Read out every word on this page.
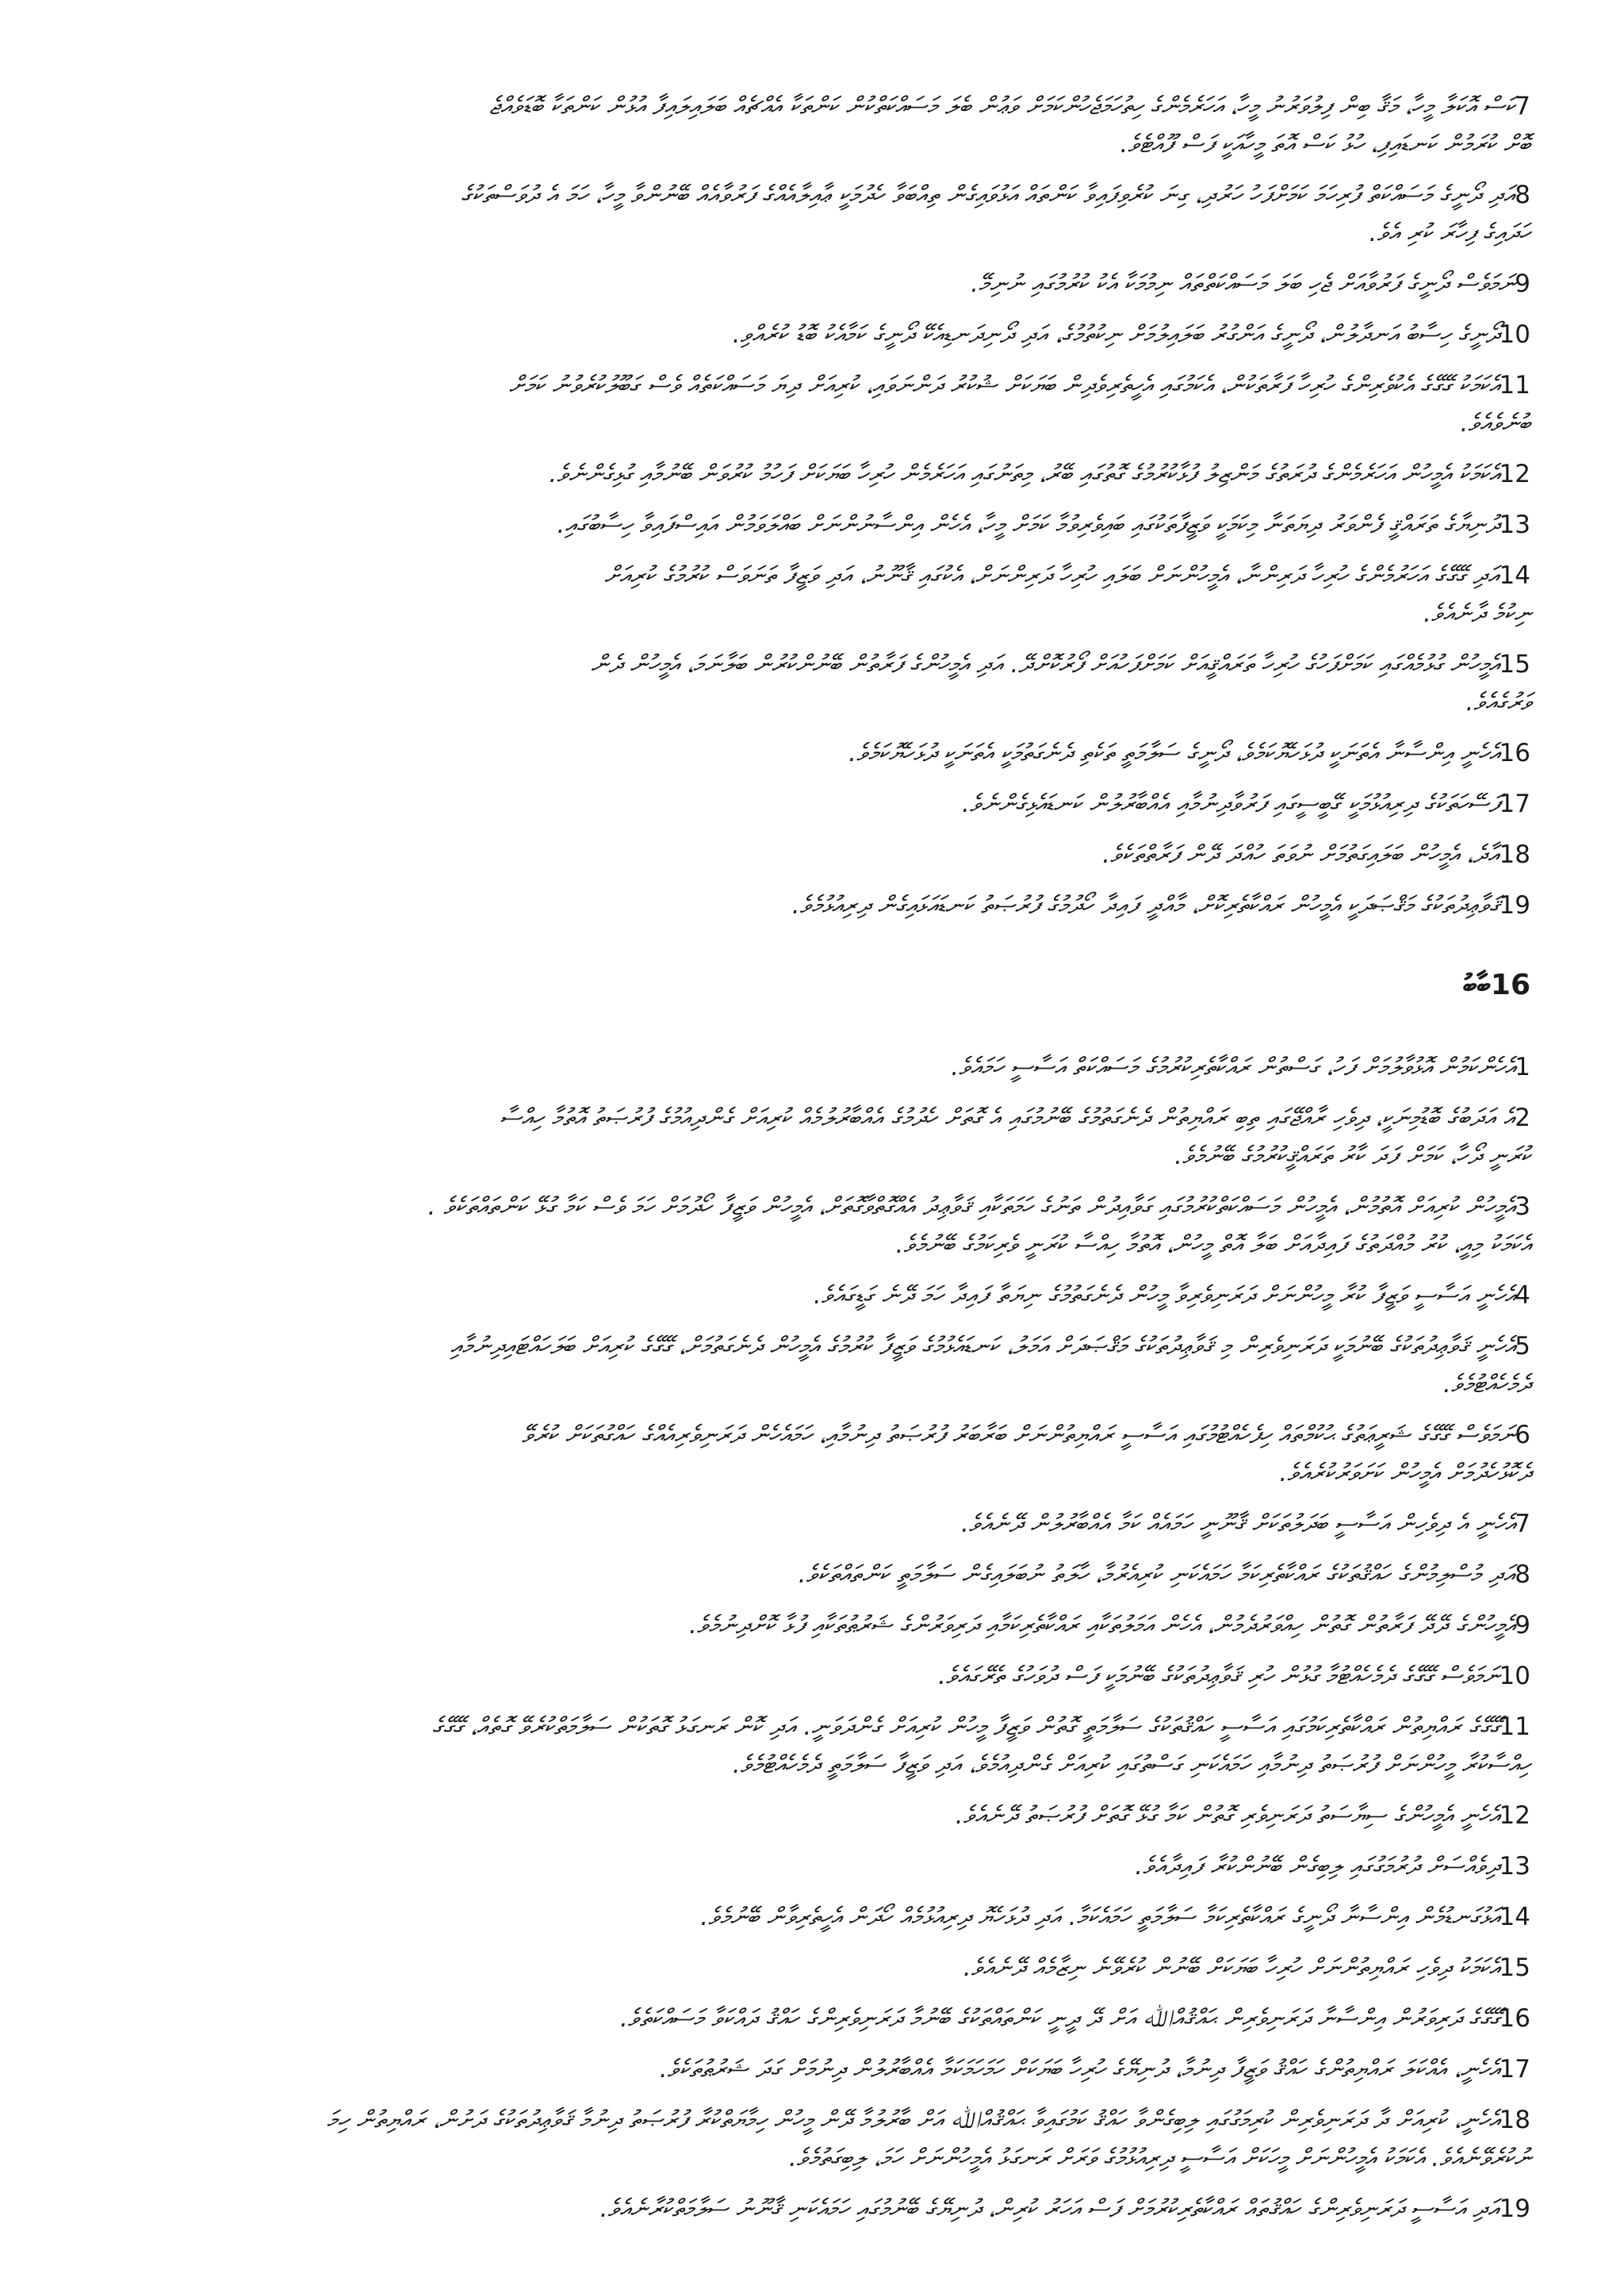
7ކަސް އޮކަލާ މީހާ، މަޤާ ބިން ފިލުވަރުނު މީހާ، އަހަރެމެންގެ ހިތުހަމަޖެހުންކަމަށް ވަޢުން ބެލަ މަސައްކަތްކުން ކަންތަކާ އެއްޗެއް ބަލައިލައިފާ އުޅުން ކަންތަކާ ބޮޑަވެއްޖެ
ބޮށް ކުރަމުން ކަނޑައިފި، ހުޅު ކަސް އޮތަ މީހާއަކީ ފަސް ފޫއްޓެވެ.
8އަދި ދޯނީގެ މަސައްކަތް ފުރިހަމަ ކަމަށްފަހު ހަރުދި، ގިނަ ކުރެވިފައިވާ ކަންތައް އަޅުވައިގެން ތިއްބަވާ ހެދުމަކީ ޢާއިލާއެއްގެ ފަރުވާއެއް ބޭނުންވާ މީހާ، ހަމަ އެ ދުވަސްތަކުގެ
ހަދައިގެ ފިހާރަ ކުރި އެވެ.
9ނަމަވެސް ދޯނީގެ ފަރުވާއަށް ޖެހި ބަލަ މަސައްކަތްތައް ނިމުމަކާ އެކު ކުރުމުގައި ނުނިމޭ.
10ދޯނީގެ ހިސާބު އަނދާލުން، ދޯނީގެ އަންގުރު ބަލައިލުމަށް ނިކުތުމުގެ، އަދި ދޯނިދަނޑިއެކޭ ދޯނީގެ ކަމާއެކު ބޮޑު ކުރެއްވި.
11އެކަމަކު ގޭގޭގެ އެކުވެރިންގެ ހުރިހާ ފަރާތަކުން، އެކަމުގައި އެހީތެރިވެދިން ބަޔަކަށް ޝުކުރު ދަންނަވައި، ކުރިއަށް ދިޔަ މަސައްކަތެއް ވެސް ގަބޫލުކުރެވުނު ކަމަށް
ބުނެވެއެވެ.
12އެކަމަކު އެމީހުން އަހަރެމެންގެ ދުރަތުގެ މަންޒިލު ފުޅާކުރުމުގެ ގޮތުގައި ބޭރު، މިތަނުގައި އަހަރެމެން ހުރިހާ ބަޔަކަށް ފަހުމު ކުރުވަން ބޭނުމާއި ގުޅިގެންނެވެ.
13ދުނިޔާގެ ތަރައްޤީ ފެންވަރު ދިޔަތަނާ މިކަމަކީ ވަޒީފާތަކުގައި ބައިވެރިވުމާ ކަމަށް މީހާ، އެހެން އިންސާނުންނަށް ބައްލަވަމުން އައިސްފައިވާ ހިސާބުގައި.
14އަދި ގޭގޭގެ އަހަރުމެންގެ ހުރިހާ ދަރިންނާ، އެމީހުންނަށް ބަލައި ހުރިހާ ދަރިންނަށް، އެކުގައި ޤާނޫނު، އަދި ވަޒީފާ ތަނަވަސް ކުރުމުގެ ކުރިއަށް
ނިކުމެ ދާނެއެވެ.
15އެމީހުން ގުޅުމެއްގައި ކަމަށްފަހުގެ ހުރިހާ ތަރައްޤީއަށް ކަމަށްފަހުއަށް ފޯރުކޮށްދޭ. އަދި އެމީހުންގެ ފަރާތުން ބޭނުންކުރުން ބަލާނަމަ، އެމީހުން ދެން
ވަރުގެއެވެ.
16އެހެނީ އިންސާނާ އެތަނަކީ ދުޅަހެޔޮކަމެވެ، ދޯނީގެ ސަލާމަތީ ތަކެތި ދެނެގަތުމަކީ އެތަނަކީ ދުޅަހެޔޮކަމެވެ.
17ފަސޭހަތަކުގެ ދިރިއުޅުމަކީ ގޭބީސީގައި ފަރުވާދިނުމާއި އެއްބާރުލުން ކަނޑައެޅިގެންނެވެ.
18އާދެ، އެމީހުން ބަލައިގަތުމަށް ނުވަތަ ހުއްދަ ދޭން ފަރާތްތަކެވެ.
19ޤަވާޢިދުތަކުގެ މަޤްޞަދަކީ އެމީހުން ރައްކާތެރިކޮށް، މާއްދީ ފައިދާ ހޯދުމުގެ ފުރުޞަތު ކަނޑައަޅައިގެން ދިރިއުޅުމެވެ.
16ބާބު
1އެހެންކަމުން އޮޅުވާލުމަށް ފަހު، ގަސްތުން ރައްކާތެރިކުރުމުގެ މަސައްކަތް އަސާސީ ހަމައެވެ.
2އެ އަދަބުގެ ބޮޑުމިނަކީ، ދިވެހި ރާއްޖޭގައި ތިބި ރައްޔިތުން ދެނެގަތުމުގެ ބޭނުމުގައި އެ ގޮތަށް ހެދުމުގެ އެއްބާރުލުމެއް ކުރިއަށް ގެންދިއުމުގެ ފުރުޞަތު އޮތުމާ ހިއްސާ
ކުރަނީ ދޯހާ، ކަމަށް ފަދަ ކާރު ތަރައްޤީކުރުމުގެ ބޭނުމެވެ.
3އެމީހުން ކުރިއަށް އޮތުމުން، އެމީހުން މަސައްކަތްކުރުމުގައި ގަވާއިދުން ތަނުގެ ހަމަތަކާއި ޤަވާޢިދު އެއްގޮތްވާގޮތަށް، އެމީހުން ވަޒީފާ ހޯދުމަށް ހަމަ ވެސް ކަމާ ގުޅޭ ކަންތައްތަކެވެ .
އެކަމަކު މިއީ، ކުރު މުއްދަތުގެ ފައިދާއަށް ބަލާ އޮތް މީހުން، އޮތުމާ ހިއްސާ ކުރަނީ ވެރިކަމުގެ ބޭނުމެވެ.
4އެހެނީ އަސާސީ ވަޒީފާ ކުރާ މީހުންނަށް ދަރަނިވެރިވާ މީހުން ދެނެގަތުމުގެ ނިޔަތާ ފައިދާ ހަމަ ދޭނެ ގަޑީގައެވެ.
5އެހެނީ ޤަވާޢިދުތަކުގެ ބޭނުމަކީ ދަރަނިވެރިން މި ޤަވާޢިދުތަކުގެ މަޤްޞަދަށް އަމަލު، ކަނޑައެޅުމުގެ ވަޒީފާ ކުރުމުގެ އެމީހުން ދެނެގަތުމަށް، ގޭގޭގެ ކުރިއަށް ބަލަހައްޓައިދިނުމާއި
ދެމެހެއްޓުމެވެ.
6ނަމަވެސް ގޭގޭގެ ޝަރީޢަތުގެ ޙުކުމްތައް ހިފެހެއްޓުމުގައި އަސާސީ ރައްޔިތުންނަށް ބަރާބަރު ފުރުޞަތު ދިނުމާއި، ހަމައެހެން ދަރަނިވެރިއެއްގެ ހައްގުތަކަށް ކުރެވޭ
ދެކޮޅުހެދުމަށް އެމީހުން ކަށަވަރުކުރެއެވެ.
7އެހެނީ އެ ދިވެހިން އަސާސީ ބަދަލުތަކަށް ޤާނޫނީ ހަމައެއް ކަމާ އެއްބާރުލުން ދޭނެއެވެ.
8އަދި މުސްލިމުންގެ ހައްޤުތަކުގެ ރައްކާތެރިކަމާ ހަމައެކަނި ކުރިއެރުމާ، ހާލަތު ނުބަލައިގެން ސަލާމަތީ ކަންތައްތަކެވެ.
9އެމީހުންގެ ދޭދޭ ފަރާތުން ގޮތުން ހިއްވަރުދެމުން، އެހެން އަމަލުތަކާއި ރައްކާތެރިކަމާއި ދަރިވަރުންގެ ޝަރުޠުތަކާއި ފުޅާ ކޮށްދިނުމެވެ.
10ނަމަވެސް ގޭގޭގެ ދެމެހެއްޓުމާ ގުޅުން ހުރި ޤަވާޢިދުތަކުގެ ބޭނުމަކީ ފަސް ދުވަހުގެ ތެރޭގައެވެ.
11ގޭގޭގެ ރައްޔިތުން ރައްކާތެރިކަމުގައި އަސާސީ ހައްޤުތަކުގެ ސަލާމަތީ ގޮތުން ވަޒީފާ މީހުން ކުރިއަށް ގެންދަވަނީ. އަދި ކޮން ރަނގަޅު ގޮތަކުން ސަލާމަތްކުރެވޭ ގޮތެއް، ގޭގޭގެ
ހިއްސާކުރާ މީހުންނަށް ފުރުޞަތު ދިނުމާއި ހަމައެކަނި ގަސްތުގައި ކުރިއަށް ގެންދިއުމެވެ، އަދި ވަޒީފާ ސަލާމަތީ ދެމެހެއްޓުމެވެ.
12އެހެނީ އެމީހުންގެ ސިޔާސަތު ދަރަނިވެރި ގޮތުން ކަމާ ގުޅޭ ގޮތަށް ފުރުޞަތު ދޭނެއެވެ.
13ދިވެއްސަށް ދުރުމަގުގައި ލިބިގެން ބޭނުންކުރާ ފައިދާއެވެ.
14އަޅުގަނޑުމެން އިންސާނާ ދޯނީގެ ރައްކާތެރިކަމާ ސަލާމަތީ ހަމައެކަމާ. އަދި ދުޅަހެޔޮ ދިރިއުޅުމެއް ހޯދަން އެހީތެރިވާން ބޭނުމެވެ.
15އެކަމަކު ދިވެހި ރައްޔިތުންނަށް ހުރިހާ ބަޔަކަށް ބޭނުން ކުރެވޭނެ ނިޒާމެއް ދޭނެއެވެ.
16ގޭގޭގެ ދަރިވަރުން އިންސާނާ ދަރަނިވެރިން ޙައްޤުއްﷲ އަށް ދޭ ދީނީ ކަންތައްތަކުގެ ބޭނުމާ ދަރަނިވެރިންގެ ހައްޤު ދައްކަވާ މަސައްކަތެވެ.
17އެހެނީ، އެއްކަލަ ރައްޔިތުންގެ ހައްޤު ވަޒީފާ ދިނުމާ، ދުނިޔޭގެ ހުރިހާ ބަޔަކަށް ހަމަހަމަކަމާ އެއްބާރުލުން ދިނުމަށް ގަދަ ޝަރުޠުތަކެވެ.
18އެހެނީ، ކުރިއަށް ދާ ދަރަނިވެރިން ކުރިމަގުގައި ލިބިގެންވާ ހައްޤު ކަމުގައިވާ ޙައްޤުއްﷲ އަށް ބާރުލުމާ ދޭން މީހުން ހިމާޔަތްކުރާ ފުރުޞަތު ދިނުމާ ޤަވާޢިދުތަކުގެ ދަށުން، ރައްޔިތުން ހިމަ
ނުކުރެވޭނެއެވެ. އެކަމަކު އެމީހުންނަށް މީހަކަށް އަސާސީ ދިރިއުޅުމުގެ ވަރަށް ރަނގަޅު އެމީހުންނަށް ހަމަ، ލިބިގަތުމެވެ.
19އަދި އަސާސީ ދަރަނިވެރިންގެ ހައްޤުތައް ރައްކާތެރިކުރުމަށް ފަސް އަހަރު ކުރިން، ދުނިޔޭގެ ބޭނުމުގައި ހަމައެކަނި ޤާނޫނު ސަލާމަތްކުރާނެއެވެ.
